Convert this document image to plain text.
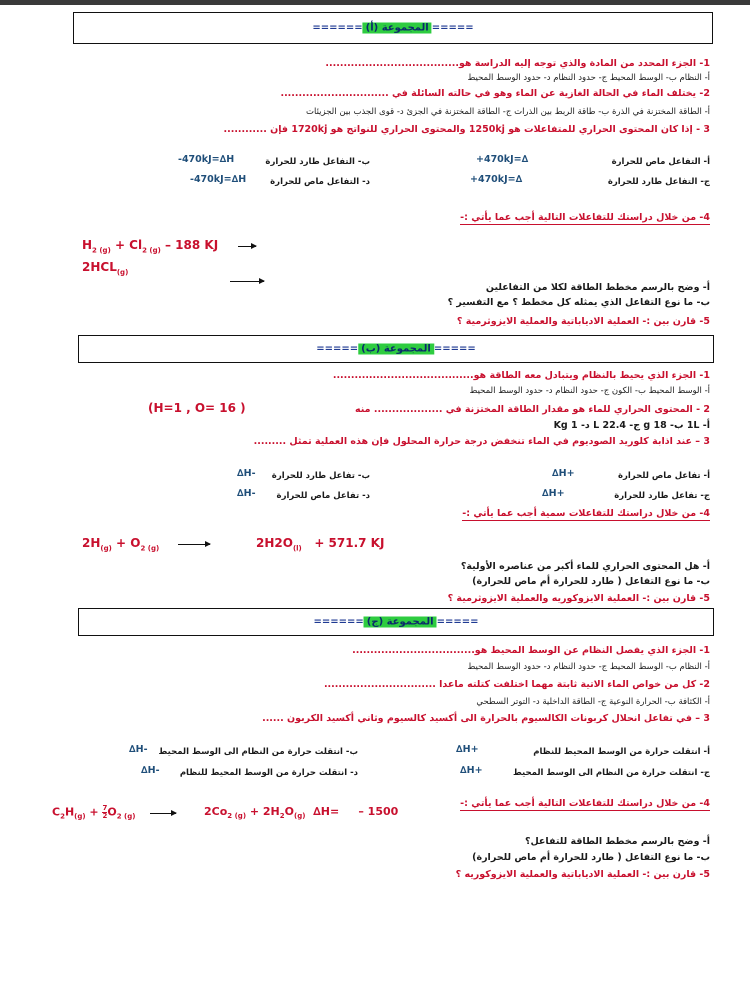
====== المجموعة (أ) =====
1- الجزء المحدد من المادة والذي توجه إليه الدراسة هو.....................................
أ- النظام ب- الوسط المحيط ج- حدود النظام د- حدود الوسط المحيط
2- يختلف الماء في الحالة الغازية عن الماء وهو في حالته السائلة في ..............................
أ- الطاقة المختزنة في الذرة ب- طاقة الربط بين الذرات ج- الطاقة المختزنة في الجزئ د- قوى الجذب بين الجزيئات
3 - إذا كان المحتوى الحراري للمتفاعلات هو 1250kj والمحتوى الحراري للنواتج هو 1720kj فإن ............
أ- التفاعل ماص للحرارة
+470kJ=∆
ب- التفاعل طارد للحرارة
-470kJ=∆H
ج- التفاعل طارد للحرارة
+470kJ=∆
د- التفاعل ماص للحرارة
-470kJ=∆H
4- من خلال دراستك للتفاعلات التالية أجب عما يأتي :-
$H_{2 (g)} + Cl_{2 (g)} - 188$ KJ
$2HCL_{(g)}$
أ- وضح بالرسم مخطط الطاقة لكلا من التفاعلين
ب- ما نوع التفاعل الذي يمثله كل مخطط ؟ مع التفسير ؟
5- قارن بين :- العملية الادياباتية والعملية الايزوثرمية ؟
===== المجموعة (ب) =====
1- الجزء الذي يحيط بالنظام ويتبادل معه الطاقة هو.......................................
أ- الوسط المحيط ب- الكون ج- حدود النظام د- حدود الوسط المحيط
2 - المحتوى الحراري للماء هو مقدار الطاقة المختزنة في ................... منه
(H=1 , O= 16 )
أ- 1L ب- 18 g ج- 22.4 L د- 1 Kg
3 – عند اذابة كلوريد الصوديوم في الماء تنخفض درجة حرارة المحلول فإن هذه العملية تمثل .........
أ- تفاعل ماص للحرارة
∆H+
ب- تفاعل طارد للحرارة
∆H-
ج- تفاعل طارد للحرارة
∆H+
د- تفاعل ماص للحرارة
∆H-
4- من خلال دراستك للتفاعلات سمية أجب عما يأتي :-
$2H_{(g)} + O_{2 (g)}$	$2H2O_{(l)} + 571.7$ KJ
أ- هل المحتوى الحراري للماء أكبر من عناصره الأولية؟
ب- ما نوع التفاعل ( طارد للحرارة أم ماص للحرارة)
5- قارن بين :- العملية الايزوكوريه والعملية الايزوثرمية ؟
====== المجموعة (ج) =====
1- الجزء الذي يفصل النظام عن الوسط المحيط هو..................................
أ- النظام ب- الوسط المحيط ج- حدود النظام د- حدود الوسط المحيط
2- كل من خواص الماء الاتية ثابتة مهما اختلفت كتلته ماعدا ...............................
أ- الكثافة ب- الحرارة النوعية ج- الطاقة الداخلية د- التوتر السطحي
3 – في تفاعل انحلال كربونات الكالسيوم بالحرارة الى أكسيد كالسيوم وثاني أكسيد الكربون ......
أ- انتقلت حرارة من الوسط المحيط للنظام
∆H+
ب- انتقلت حرارة من النظام الى الوسط المحيط
∆H-
ج- انتقلت حرارة من النظام الى الوسط المحيط
∆H+
د- انتقلت حرارة من الوسط المحيط للنظام
∆H-
4- من خلال دراستك للتفاعلات التالية أجب عما يأتي :-
$C_2H_{(g)} + \frac{7}{2} O_{2 (g)}$	$2Co_{2 (g)} + 2H_2O_{(g)}$ ∆H= – 1500
أ- وضح بالرسم مخطط الطاقة للتفاعل؟
ب- ما نوع التفاعل ( طارد للحرارة أم ماص للحرارة)
5- قارن بين :- العملية الادياباتية والعملية الايزوكوريه ؟
